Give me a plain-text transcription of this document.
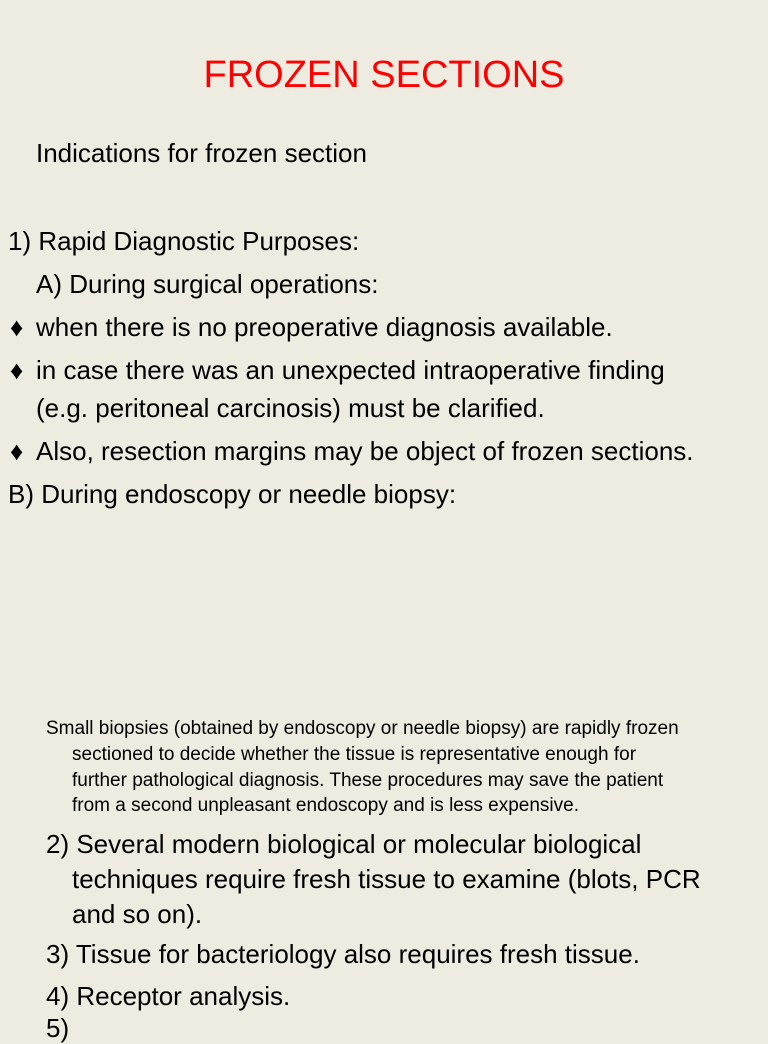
FROZEN SECTIONS
Indications for frozen section
1) Rapid Diagnostic Purposes:
A) During surgical operations:
♦ when there is no preoperative diagnosis available.
♦ in case there was an unexpected intraoperative finding
(e.g. peritoneal carcinosis) must be clarified.
♦ Also, resection margins may be object of frozen sections.
B) During endoscopy or needle biopsy:
Small biopsies (obtained by endoscopy or needle biopsy) are rapidly frozen
sectioned to decide whether the tissue is representative enough for
further pathological diagnosis. These procedures may save the patient
from a second unpleasant endoscopy and is less expensive.
2) Several modern biological or molecular biological
techniques require fresh tissue to examine (blots, PCR
and so on).
3) Tissue for bacteriology also requires fresh tissue.
4) Receptor analysis.
5)
